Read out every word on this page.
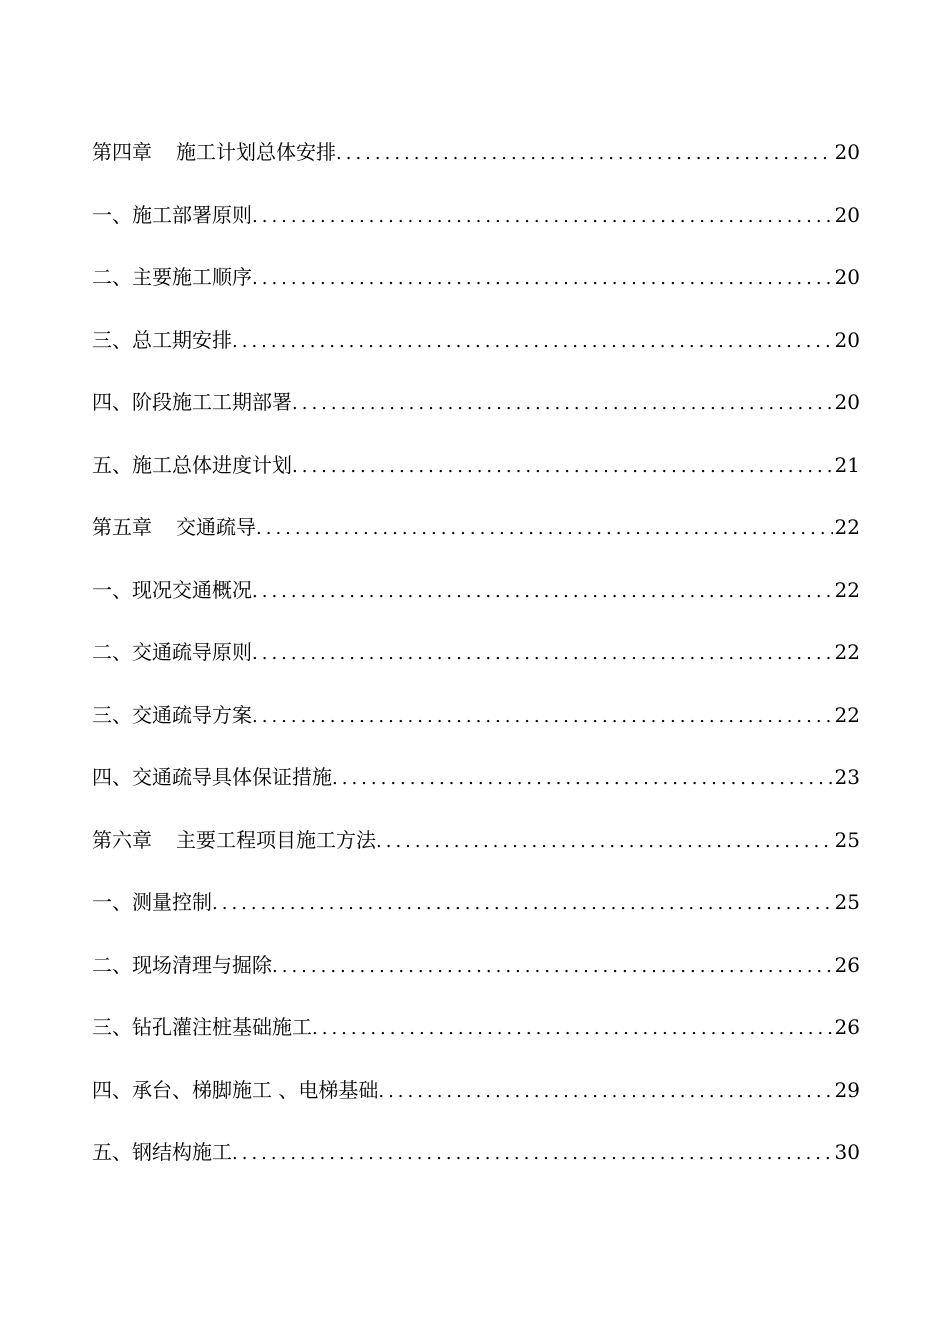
第四章 施工计划总体安排 .....	20
一、施工部署原则 .....	20
二、主要施工顺序 .....	20
三、总工期安排 .....	20
四、阶段施工工期部署 .....	20
五、施工总体进度计划 .....	21
第五章 交通疏导 .....	22
一、现况交通概况 .....	22
二、交通疏导原则 .....	22
三、交通疏导方案 .....	22
四、交通疏导具体保证措施 .....	23
第六章 主要工程项目施工方法 .....	25
一、测量控制 .....	25
二、现场清理与掘除 .....	26
三、钻孔灌注桩基础施工 .....	26
四、承台、梯脚施工 、电梯基础 .....	29
五、钢结构施工 .....	30
